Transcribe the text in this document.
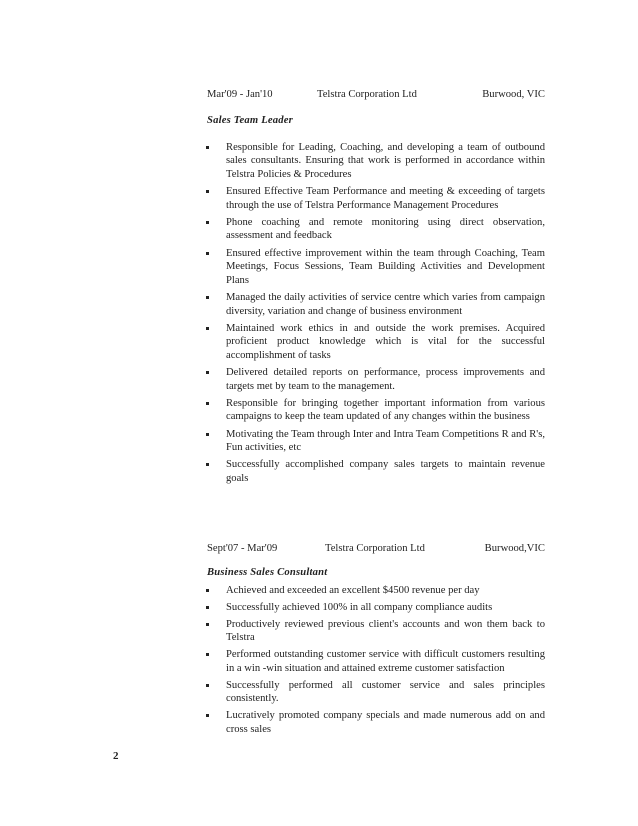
Mar'09 - Jan'10	Telstra Corporation Ltd	Burwood, VIC
Sales Team Leader
Responsible for Leading, Coaching, and developing a team of outbound sales consultants. Ensuring that work is performed in accordance within Telstra Policies & Procedures
Ensured Effective Team Performance and meeting & exceeding of targets through the use of Telstra Performance Management Procedures
Phone coaching and remote monitoring using direct observation, assessment and feedback
Ensured effective improvement within the team through Coaching, Team Meetings, Focus Sessions, Team Building Activities and Development Plans
Managed the daily activities of service centre which varies from campaign diversity, variation and change of business environment
Maintained work ethics in and outside the work premises. Acquired proficient product knowledge which is vital for the successful accomplishment of tasks
Delivered detailed reports on performance, process improvements and targets met by team to the management.
Responsible for bringing together important information from various campaigns to keep the team updated of any changes within the business
Motivating the Team through Inter and Intra Team Competitions R and R's, Fun activities, etc
Successfully accomplished company sales targets to maintain revenue goals
Sept'07 - Mar'09	Telstra Corporation Ltd	Burwood,VIC
Business Sales Consultant
Achieved and exceeded an excellent $4500 revenue per day
Successfully achieved 100% in all company compliance audits
Productively reviewed previous client's accounts and won them back to Telstra
Performed outstanding customer service with difficult customers resulting in a win -win situation and attained extreme customer satisfaction
Successfully performed all customer service and sales principles consistently.
Lucratively promoted company specials and made numerous add on and cross sales
2
